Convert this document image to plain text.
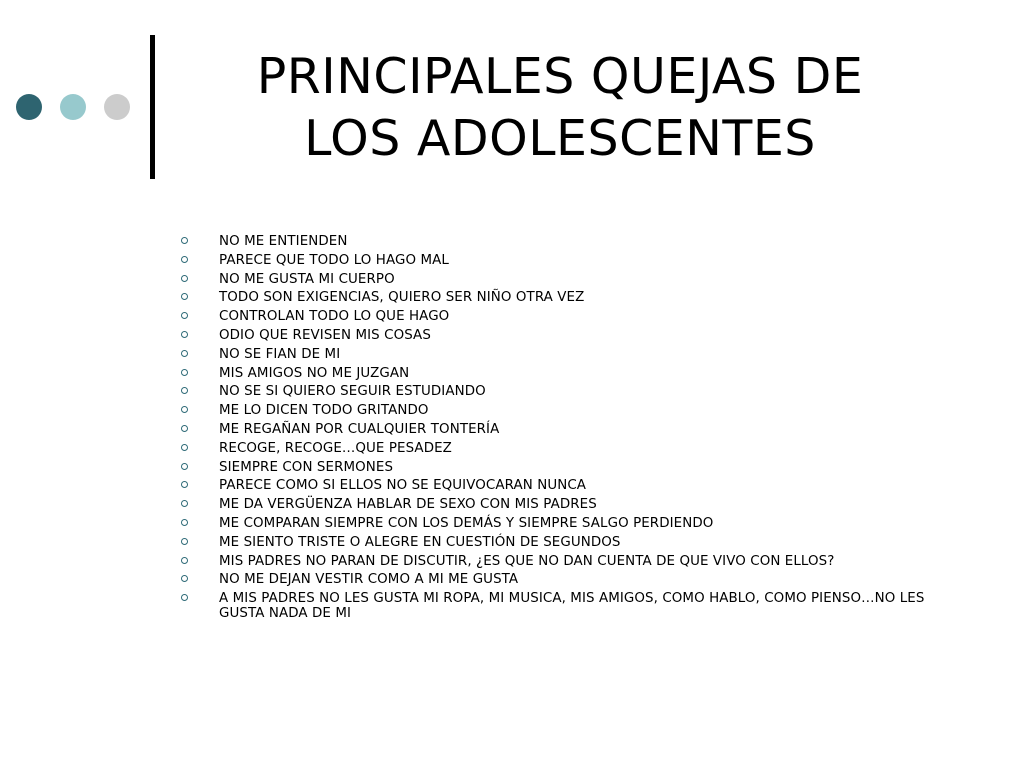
PRINCIPALES QUEJAS DE
LOS ADOLESCENTES
NO ME ENTIENDEN
PARECE QUE TODO LO HAGO MAL
NO ME GUSTA MI CUERPO
TODO SON EXIGENCIAS, QUIERO SER NIÑO OTRA VEZ
CONTROLAN TODO LO QUE HAGO
ODIO QUE REVISEN MIS COSAS
NO SE FIAN DE MI
MIS AMIGOS NO ME JUZGAN
NO SE SI QUIERO SEGUIR ESTUDIANDO
ME LO DICEN TODO GRITANDO
ME REGAÑAN POR CUALQUIER TONTERÍA
RECOGE, RECOGE…QUE PESADEZ
SIEMPRE CON SERMONES
PARECE COMO SI ELLOS NO SE EQUIVOCARAN NUNCA
ME DA VERGÜENZA HABLAR DE SEXO CON MIS PADRES
ME COMPARAN SIEMPRE CON LOS DEMÁS Y SIEMPRE SALGO PERDIENDO
ME SIENTO TRISTE O ALEGRE EN CUESTIÓN DE SEGUNDOS
MIS PADRES NO PARAN DE DISCUTIR, ¿ES QUE NO DAN CUENTA DE QUE VIVO CON ELLOS?
NO ME DEJAN VESTIR COMO A MI ME GUSTA
A MIS PADRES NO LES GUSTA MI ROPA, MI MUSICA, MIS AMIGOS, COMO HABLO, COMO PIENSO…NO LES GUSTA NADA DE MI
